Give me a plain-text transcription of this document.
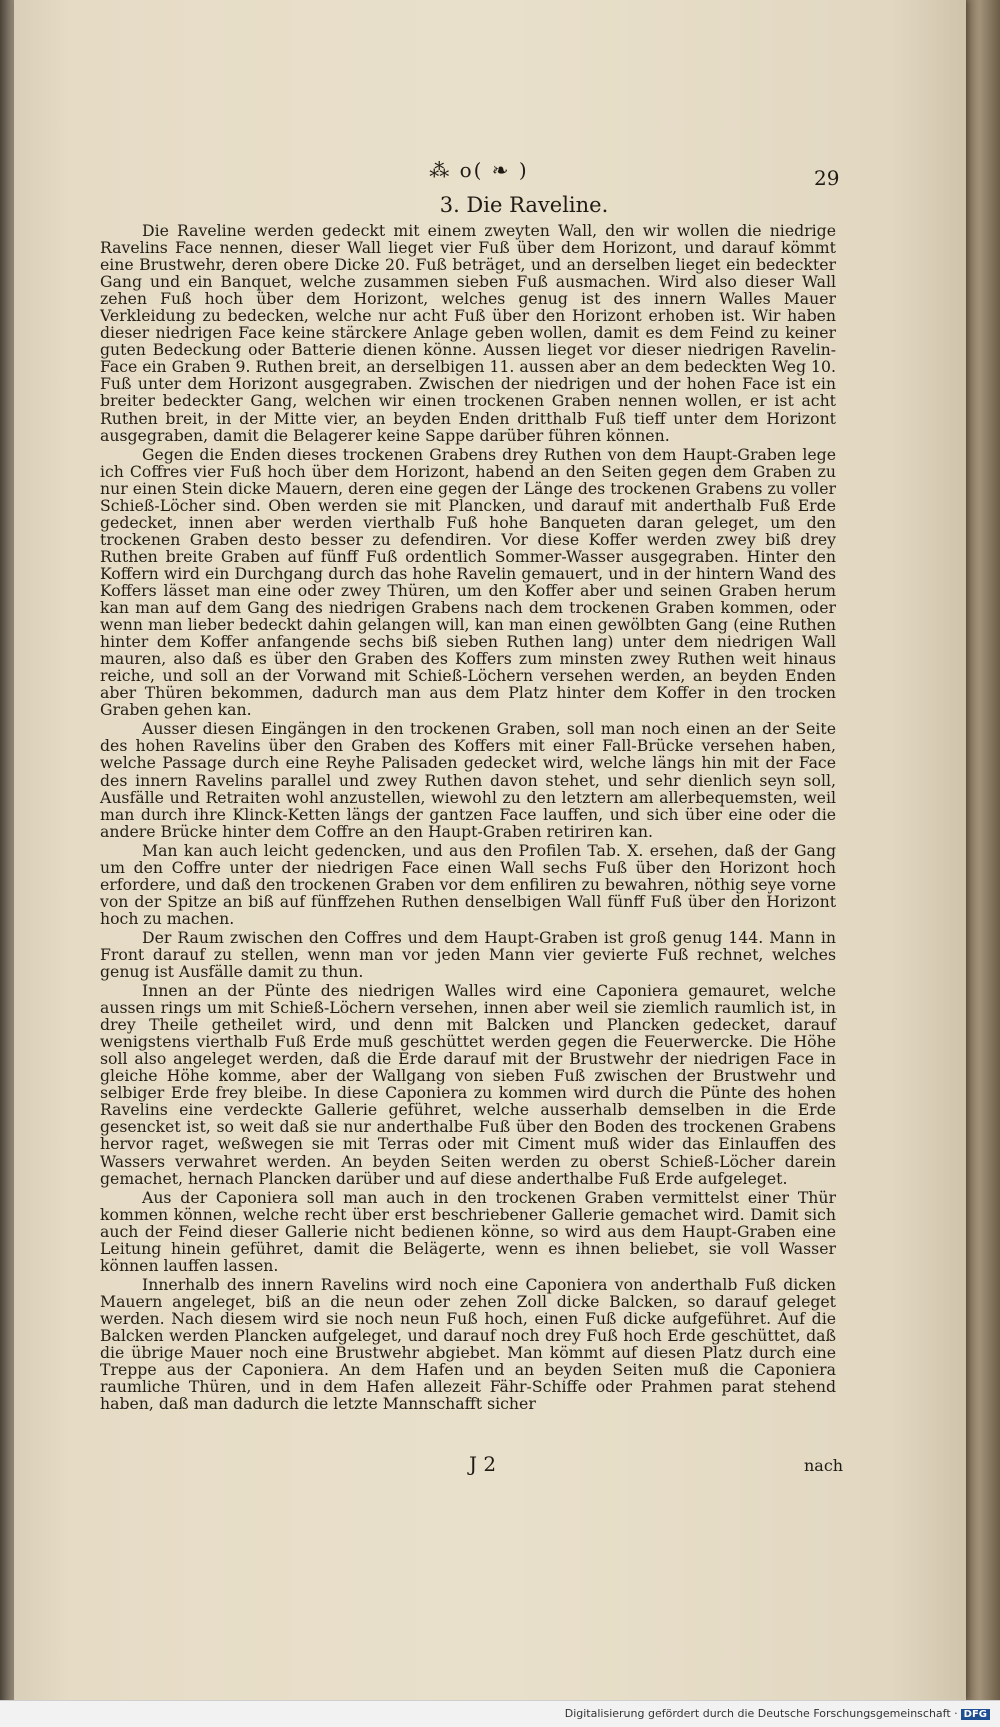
⁂ o( ❧ )	29
3. Die Raveline.

Die Raveline werden gedeckt mit einem zweyten Wall, den wir wollen die niedrige Ravelins Face nennen, dieser Wall lieget vier Fuß über dem Horizont, und darauf kömmt eine Brustwehr, deren obere Dicke 20. Fuß beträget, und an derselben lieget ein bedeckter Gang und ein Banquet, welche zusammen sieben Fuß ausmachen. Wird also dieser Wall zehen Fuß hoch über dem Horizont, welches genug ist des innern Walles Mauer Verkleidung zu bedecken, welche nur acht Fuß über den Horizont erhoben ist. Wir haben dieser niedrigen Face keine stärckere Anlage geben wollen, damit es dem Feind zu keiner guten Bedeckung oder Batterie dienen könne. Aussen lieget vor dieser niedrigen Ravelin-Face ein Graben 9. Ruthen breit, an derselbigen 11. aussen aber an dem bedeckten Weg 10. Fuß unter dem Horizont ausgegraben. Zwischen der niedrigen und der hohen Face ist ein breiter bedeckter Gang, welchen wir einen trockenen Graben nennen wollen, er ist acht Ruthen breit, in der Mitte vier, an beyden Enden dritthalb Fuß tieff unter dem Horizont ausgegraben, damit die Belagerer keine Sappe darüber führen können.

Gegen die Enden dieses trockenen Grabens drey Ruthen von dem Haupt-Graben lege ich Coffres vier Fuß hoch über dem Horizont, habend an den Seiten gegen dem Graben zu nur einen Stein dicke Mauern, deren eine gegen der Länge des trockenen Grabens zu voller Schieß-Löcher sind. Oben werden sie mit Plancken, und darauf mit anderthalb Fuß Erde gedecket, innen aber werden vierthalb Fuß hohe Banqueten daran geleget, um den trockenen Graben desto besser zu defendiren. Vor diese Koffer werden zwey biß drey Ruthen breite Graben auf fünff Fuß ordentlich Sommer-Wasser ausgegraben. Hinter den Koffern wird ein Durchgang durch das hohe Ravelin gemauert, und in der hintern Wand des Koffers lässet man eine oder zwey Thüren, um den Koffer aber und seinen Graben herum kan man auf dem Gang des niedrigen Grabens nach dem trockenen Graben kommen, oder wenn man lieber bedeckt dahin gelangen will, kan man einen gewölbten Gang (eine Ruthen hinter dem Koffer anfangende sechs biß sieben Ruthen lang) unter dem niedrigen Wall mauren, also daß es über den Graben des Koffers zum minsten zwey Ruthen weit hinaus reiche, und soll an der Vorwand mit Schieß-Löchern versehen werden, an beyden Enden aber Thüren bekommen, dadurch man aus dem Platz hinter dem Koffer in den trocken Graben gehen kan.

Ausser diesen Eingängen in den trockenen Graben, soll man noch einen an der Seite des hohen Ravelins über den Graben des Koffers mit einer Fall-Brücke versehen haben, welche Passage durch eine Reyhe Palisaden gedecket wird, welche längs hin mit der Face des innern Ravelins parallel und zwey Ruthen davon stehet, und sehr dienlich seyn soll, Ausfälle und Retraiten wohl anzustellen, wiewohl zu den letztern am allerbequemsten, weil man durch ihre Klinck-Ketten längs der gantzen Face lauffen, und sich über eine oder die andere Brücke hinter dem Coffre an den Haupt-Graben retiriren kan.

Man kan auch leicht gedencken, und aus den Profilen Tab. X. ersehen, daß der Gang um den Coffre unter der niedrigen Face einen Wall sechs Fuß über den Horizont hoch erfordere, und daß den trockenen Graben vor dem enfiliren zu bewahren, nöthig seye vorne von der Spitze an biß auf fünffzehen Ruthen denselbigen Wall fünff Fuß über den Horizont hoch zu machen.

Der Raum zwischen den Coffres und dem Haupt-Graben ist groß genug 144. Mann in Front darauf zu stellen, wenn man vor jeden Mann vier gevierte Fuß rechnet, welches genug ist Ausfälle damit zu thun.

Innen an der Pünte des niedrigen Walles wird eine Caponiera gemauret, welche aussen rings um mit Schieß-Löchern versehen, innen aber weil sie ziemlich raumlich ist, in drey Theile getheilet wird, und denn mit Balcken und Plancken gedecket, darauf wenigstens vierthalb Fuß Erde muß geschüttet werden gegen die Feuerwercke. Die Höhe soll also angeleget werden, daß die Erde darauf mit der Brustwehr der niedrigen Face in gleiche Höhe komme, aber der Wallgang von sieben Fuß zwischen der Brustwehr und selbiger Erde frey bleibe. In diese Caponiera zu kommen wird durch die Pünte des hohen Ravelins eine verdeckte Gallerie geführet, welche ausserhalb demselben in die Erde gesencket ist, so weit daß sie nur anderthalbe Fuß über den Boden des trockenen Grabens hervor raget, weßwegen sie mit Terras oder mit Ciment muß wider das Einlauffen des Wassers verwahret werden. An beyden Seiten werden zu oberst Schieß-Löcher darein gemachet, hernach Plancken darüber und auf diese anderthalbe Fuß Erde aufgeleget.

Aus der Caponiera soll man auch in den trockenen Graben vermittelst einer Thür kommen können, welche recht über erst beschriebener Gallerie gemachet wird. Damit sich auch der Feind dieser Gallerie nicht bedienen könne, so wird aus dem Haupt-Graben eine Leitung hinein geführet, damit die Belägerte, wenn es ihnen beliebet, sie voll Wasser können lauffen lassen.

Innerhalb des innern Ravelins wird noch eine Caponiera von anderthalb Fuß dicken Mauern angeleget, biß an die neun oder zehen Zoll dicke Balcken, so darauf geleget werden. Nach diesem wird sie noch neun Fuß hoch, einen Fuß dicke aufgeführet. Auf die Balcken werden Plancken aufgeleget, und darauf noch drey Fuß hoch Erde geschüttet, daß die übrige Mauer noch eine Brustwehr abgiebet. Man kömmt auf diesen Platz durch eine Treppe aus der Caponiera. An dem Hafen und an beyden Seiten muß die Caponiera raumliche Thüren, und in dem Hafen allezeit Fähr-Schiffe oder Prahmen parat stehend haben, daß man dadurch die letzte Mannschafft sicher

J 2	nach
Digitalisierung gefördert durch die Deutsche Forschungsgemeinschaft · DFG
